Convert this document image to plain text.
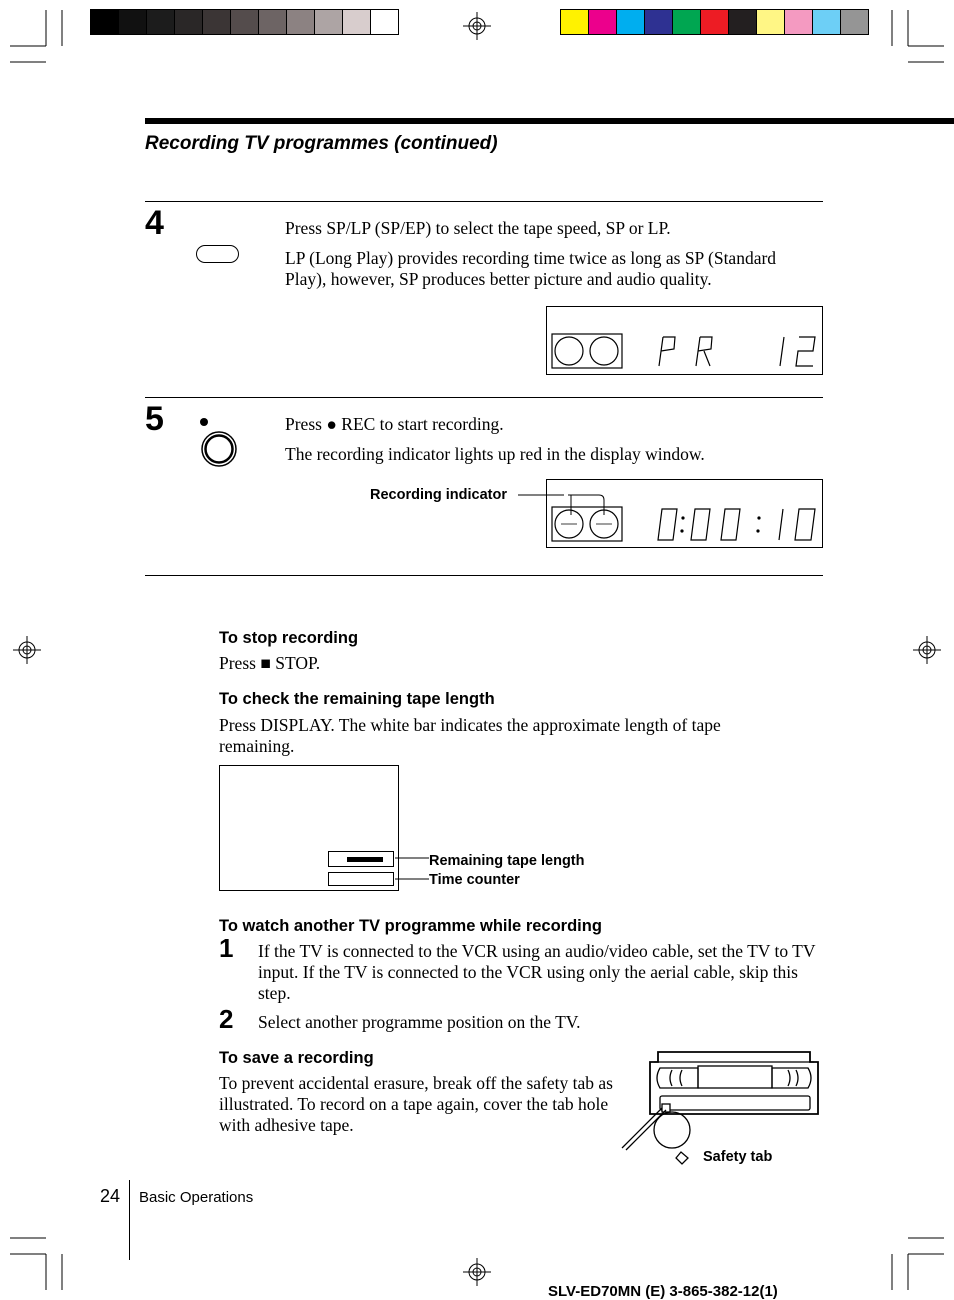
Recording TV programmes (continued)
4	Press SP/LP (SP/EP) to select the tape speed, SP or LP.

LP (Long Play) provides recording time twice as long as SP (Standard Play), however, SP produces better picture and audio quality.

5	Press ● REC to start recording.

The recording indicator lights up red in the display window.

Recording indicator
To stop recording
Press ■ STOP.
To check the remaining tape length
Press DISPLAY. The white bar indicates the approximate length of tape remaining.
Remaining tape length
Time counter
To watch another TV programme while recording
1 If the TV is connected to the VCR using an audio/video cable, set the TV to TV input. If the TV is connected to the VCR using only the aerial cable, skip this step.
2 Select another programme position on the TV.
To save a recording
To prevent accidental erasure, break off the safety tab as illustrated. To record on a tape again, cover the tab hole with adhesive tape.
Safety tab
24 Basic Operations
SLV-ED70MN (E) 3-865-382-12(1)
